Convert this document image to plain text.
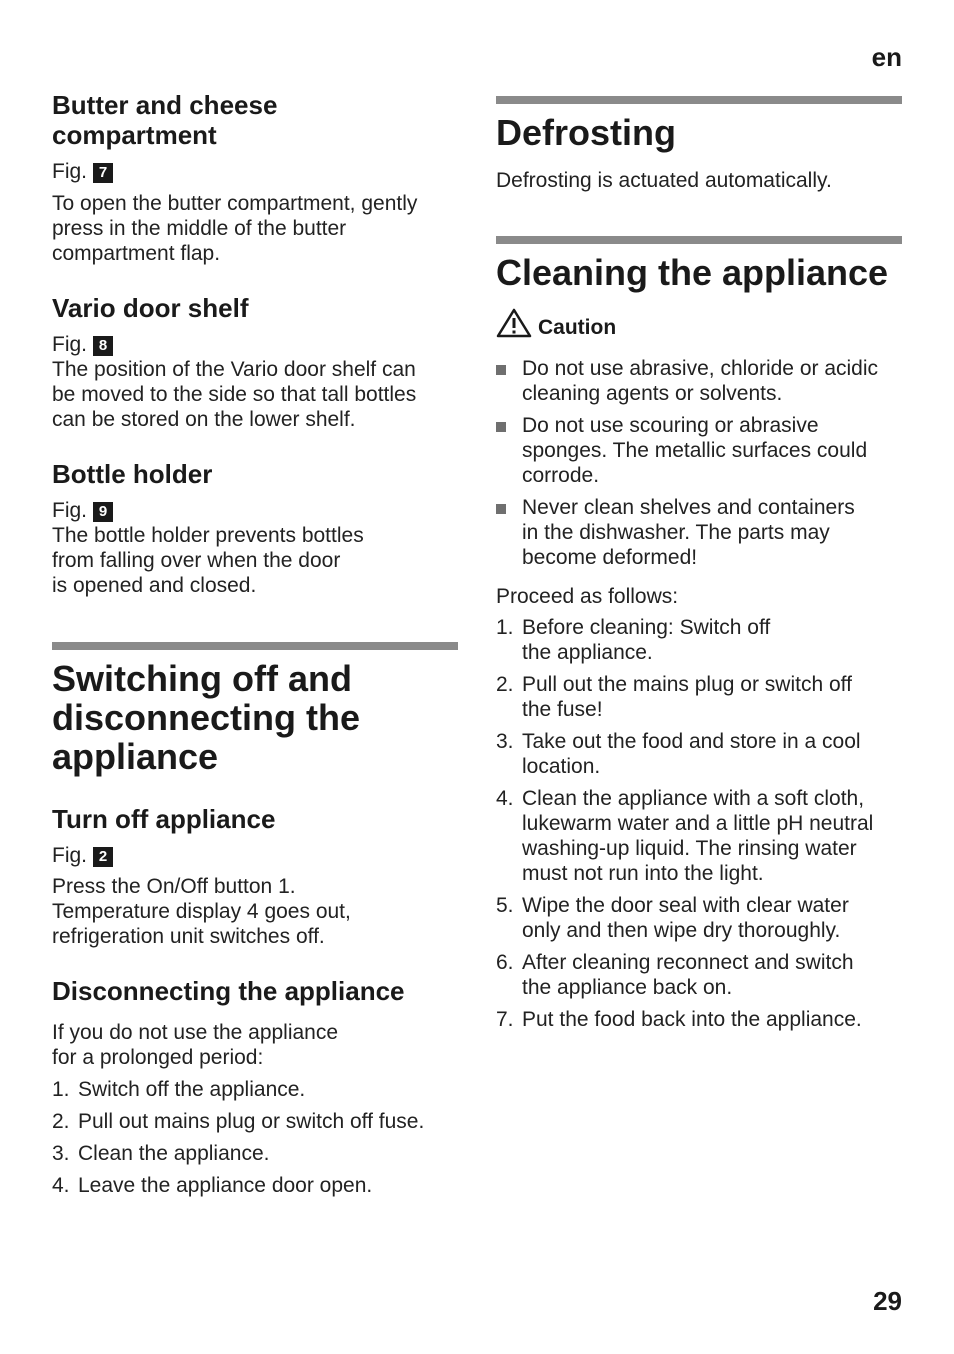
en
29
Butter and cheese
compartment
Fig. 7

To open the butter compartment, gently
press in the middle of the butter
compartment flap.

Vario door shelf
Fig. 8

The position of the Vario door shelf can
be moved to the side so that tall bottles
can be stored on the lower shelf.

Bottle holder
Fig. 9

The bottle holder prevents bottles
from falling over when the door
is opened and closed.

Switching off and
disconnecting the
appliance
Turn off appliance
Fig. 2

Press the On/Off button 1.
Temperature display 4 goes out,
refrigeration unit switches off.

Disconnecting the appliance

If you do not use the appliance
for a prolonged period:

1. Switch off the appliance.
2. Pull out mains plug or switch off fuse.
3. Clean the appliance.
4. Leave the appliance door open.
Defrosting

Defrosting is actuated automatically.

Cleaning the appliance
Caution
Do not use abrasive, chloride or acidic
cleaning agents or solvents.
Do not use scouring or abrasive
sponges. The metallic surfaces could
corrode.
Never clean shelves and containers
in the dishwasher. The parts may
become deformed!

Proceed as follows:

1. Before cleaning: Switch off
the appliance.
2. Pull out the mains plug or switch off
the fuse!
3. Take out the food and store in a cool
location.
4. Clean the appliance with a soft cloth,
lukewarm water and a little pH neutral
washing-up liquid. The rinsing water
must not run into the light.
5. Wipe the door seal with clear water
only and then wipe dry thoroughly.
6. After cleaning reconnect and switch
the appliance back on.
7. Put the food back into the appliance.
